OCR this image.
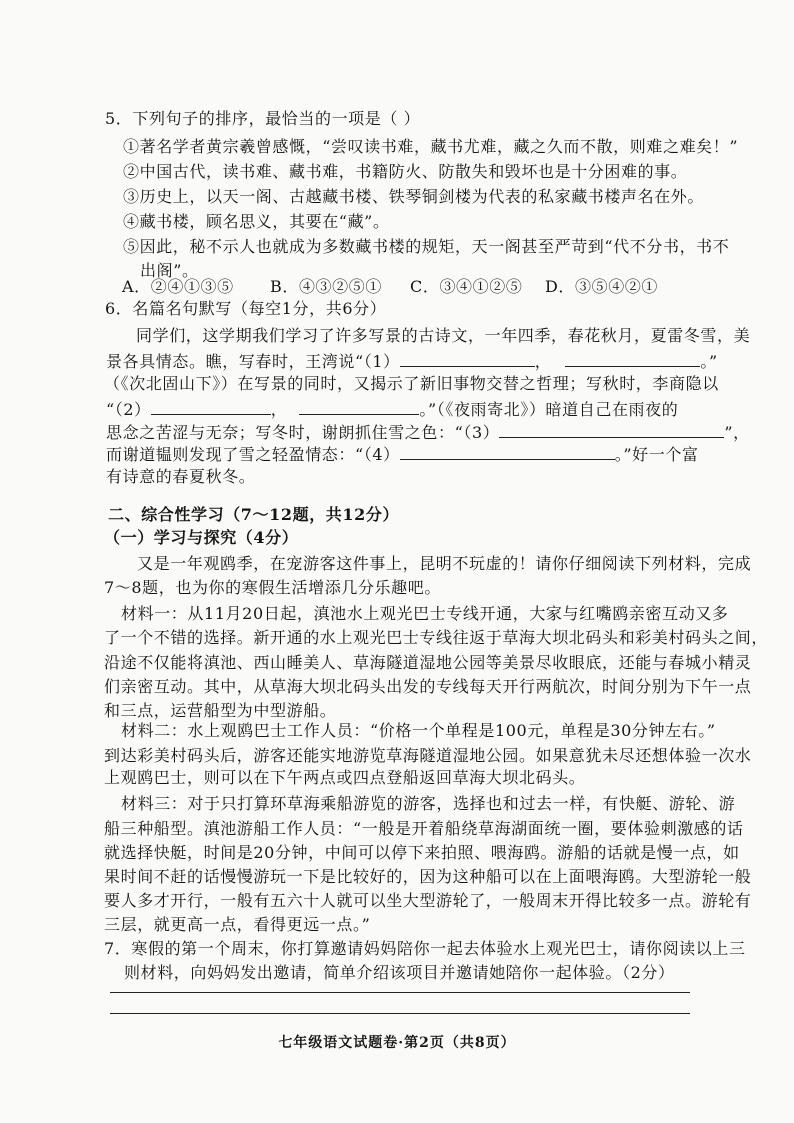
5．下列句子的排序，最恰当的一项是（ ）
①著名学者黄宗羲曾感慨，“尝叹读书难，藏书尤难，藏之久而不散，则难之难矣！”
②中国古代，读书难、藏书难，书籍防火、防散失和毁坏也是十分困难的事。
③历史上，以天一阁、古越藏书楼、铁琴铜剑楼为代表的私家藏书楼声名在外。
④藏书楼，顾名思义，其要在“藏”。
⑤因此，秘不示人也就成为多数藏书楼的规矩，天一阁甚至严苛到“代不分书，书不
出阁”。
A．②④①③⑤ B．④③②⑤① C．③④①②⑤ D．③⑤④②①
6．名篇名句默写（每空1分，共6分）
同学们，这学期我们学习了许多写景的古诗文，一年四季，春花秋月，夏雷冬雪，美
景各具情态。瞧，写春时，王湾说“（1）	，	。”
（《次北固山下》）在写景的同时，又揭示了新旧事物交替之哲理；写秋时，李商隐以
“（2）	，	。”（《夜雨寄北》）暗道自己在雨夜的
思念之苦涩与无奈；写冬时，谢朗抓住雪之色：“（3）	”，
而谢道韫则发现了雪之轻盈情态：“（4）	。”好一个富
有诗意的春夏秋冬。
二、综合性学习（7～12题，共12分）
（一）学习与探究（4分）
又是一年观鸥季，在宠游客这件事上，昆明不玩虚的！请你仔细阅读下列材料，完成
7～8题，也为你的寒假生活增添几分乐趣吧。
材料一：从11月20日起，滇池水上观光巴士专线开通，大家与红嘴鸥亲密互动又多
了一个不错的选择。新开通的水上观光巴士专线往返于草海大坝北码头和彩美村码头之间，
沿途不仅能将滇池、西山睡美人、草海隧道湿地公园等美景尽收眼底，还能与春城小精灵
们亲密互动。其中，从草海大坝北码头出发的专线每天开行两航次，时间分别为下午一点
和三点，运营船型为中型游船。
材料二：水上观鸥巴士工作人员：“价格一个单程是100元，单程是30分钟左右。”
到达彩美村码头后，游客还能实地游览草海隧道湿地公园。如果意犹未尽还想体验一次水
上观鸥巴士，则可以在下午两点或四点登船返回草海大坝北码头。
材料三：对于只打算环草海乘船游览的游客，选择也和过去一样，有快艇、游轮、游
船三种船型。滇池游船工作人员：“一般是开着船绕草海湖面统一圈，要体验刺激感的话
就选择快艇，时间是20分钟，中间可以停下来拍照、喂海鸥。游船的话就是慢一点，如
果时间不赶的话慢慢游玩一下是比较好的，因为这种船可以在上面喂海鸥。大型游轮一般
要人多才开行，一般有五六十人就可以坐大型游轮了，一般周末开得比较多一点。游轮有
三层，就更高一点，看得更远一点。”
7．寒假的第一个周末，你打算邀请妈妈陪你一起去体验水上观光巴士，请你阅读以上三
则材料，向妈妈发出邀请，简单介绍该项目并邀请她陪你一起体验。（2分）
七年级语文试题卷·第2页（共8页）
